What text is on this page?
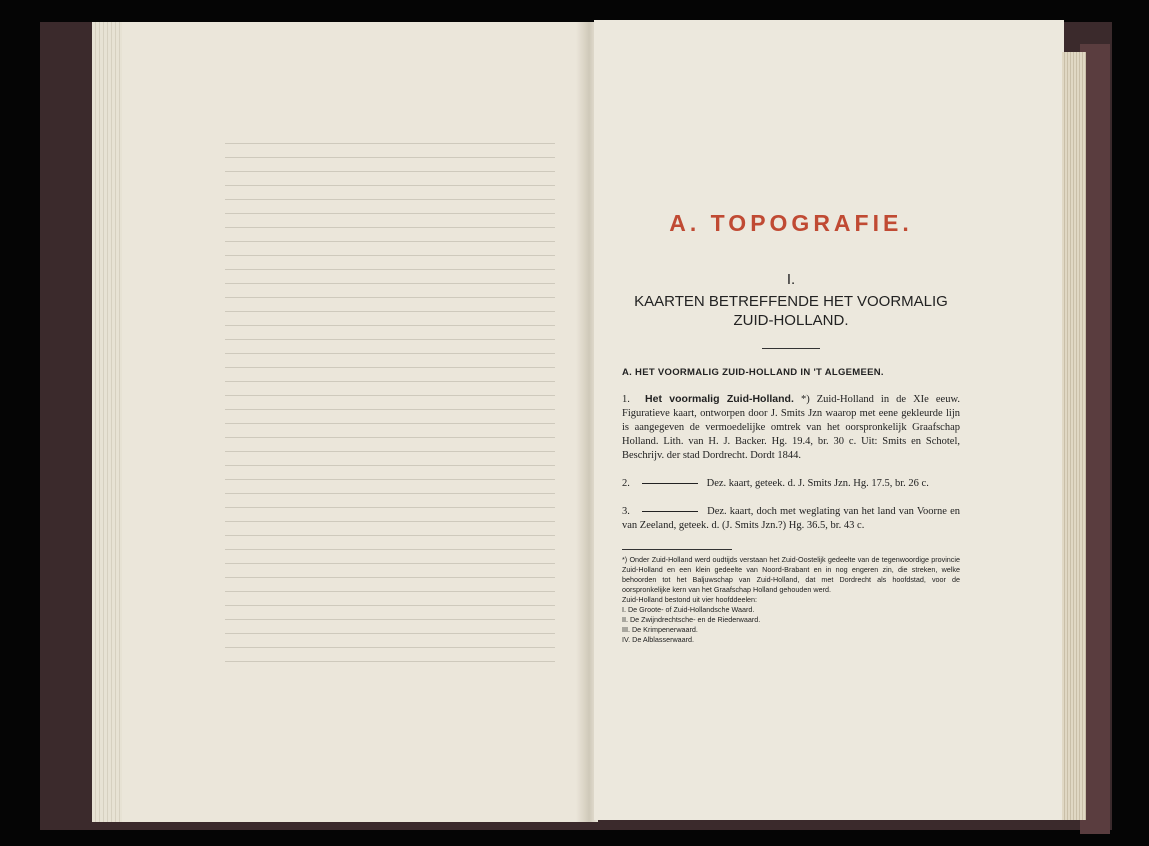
A. TOPOGRAFIE.
I.
KAARTEN BETREFFENDE HET VOORMALIG
ZUID-HOLLAND.
A. HET VOORMALIG ZUID-HOLLAND IN 'T ALGEMEEN.
1. Het voormalig Zuid-Holland. *) Zuid-Holland in de XIe eeuw. Figuratieve kaart, ontworpen door J. Smits Jzn waarop met eene gekleurde lijn is aangegeven de vermoedelijke omtrek van het oorspronkelijk Graafschap Holland. Lith. van H. J. Backer. Hg. 19.4, br. 30 c. Uit: Smits en Schotel, Beschrijv. der stad Dordrecht. Dordt 1844.
2.	Dez. kaart, geteek. d. J. Smits Jzn. Hg. 17.5, br. 26 c.
3.	Dez. kaart, doch met weglating van het land van Voorne en van Zeeland, geteek. d. (J. Smits Jzn.?) Hg. 36.5, br. 43 c.
*) Onder Zuid-Holland werd oudtijds verstaan het Zuid-Oostelijk gedeelte van de tegenwoordige provincie Zuid-Holland en een klein gedeelte van Noord-Brabant en in nog engeren zin, die streken, welke behoorden tot het Baljuwschap van Zuid-Holland, dat met Dordrecht als hoofdstad, voor de oorspronkelijke kern van het Graafschap Holland gehouden werd.
Zuid-Holland bestond uit vier hoofddeelen:
I. De Groote- of Zuid-Hollandsche Waard.
II. De Zwijndrechtsche- en de Riederwaard.
III. De Krimpenerwaard.
IV. De Alblasserwaard.
